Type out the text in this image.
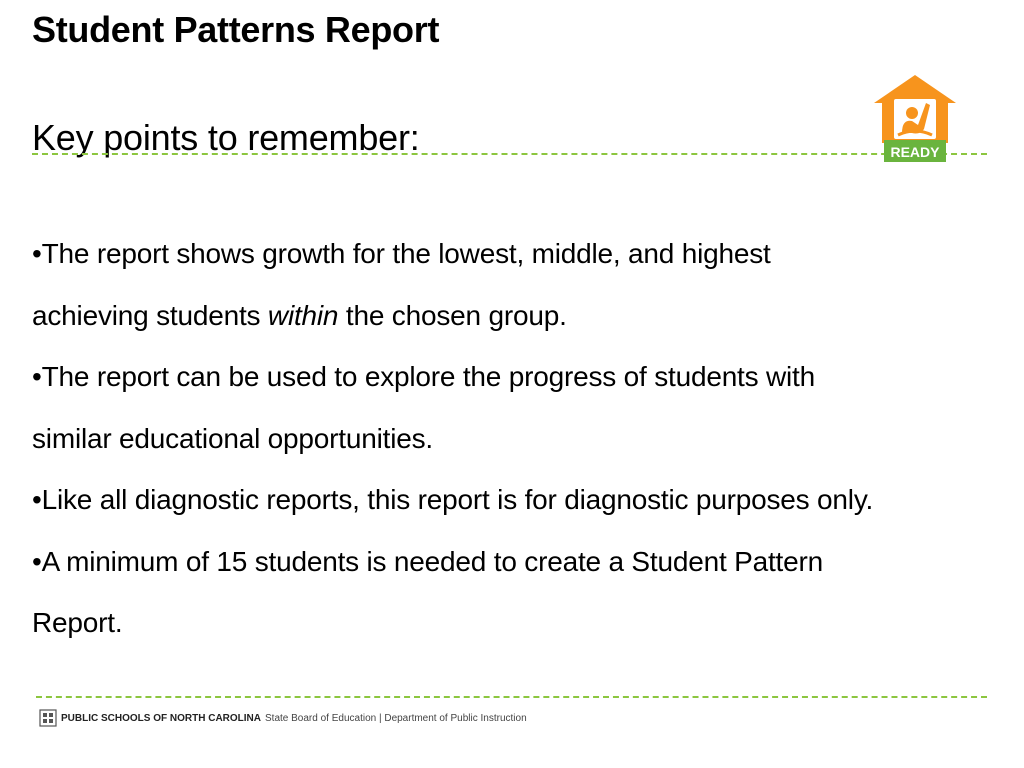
Student Patterns Report
Key points to remember:	READY

•The report shows growth for the lowest, middle, and highest

achieving students within the chosen group.

•The report can be used to explore the progress of students with

similar educational opportunities.

•Like all diagnostic reports, this report is for diagnostic purposes only.

•A minimum of 15 students is needed to create a Student Pattern

Report.

PUBLIC SCHOOLS OF NORTH CAROLINA State Board of Education | Department of Public Instruction
